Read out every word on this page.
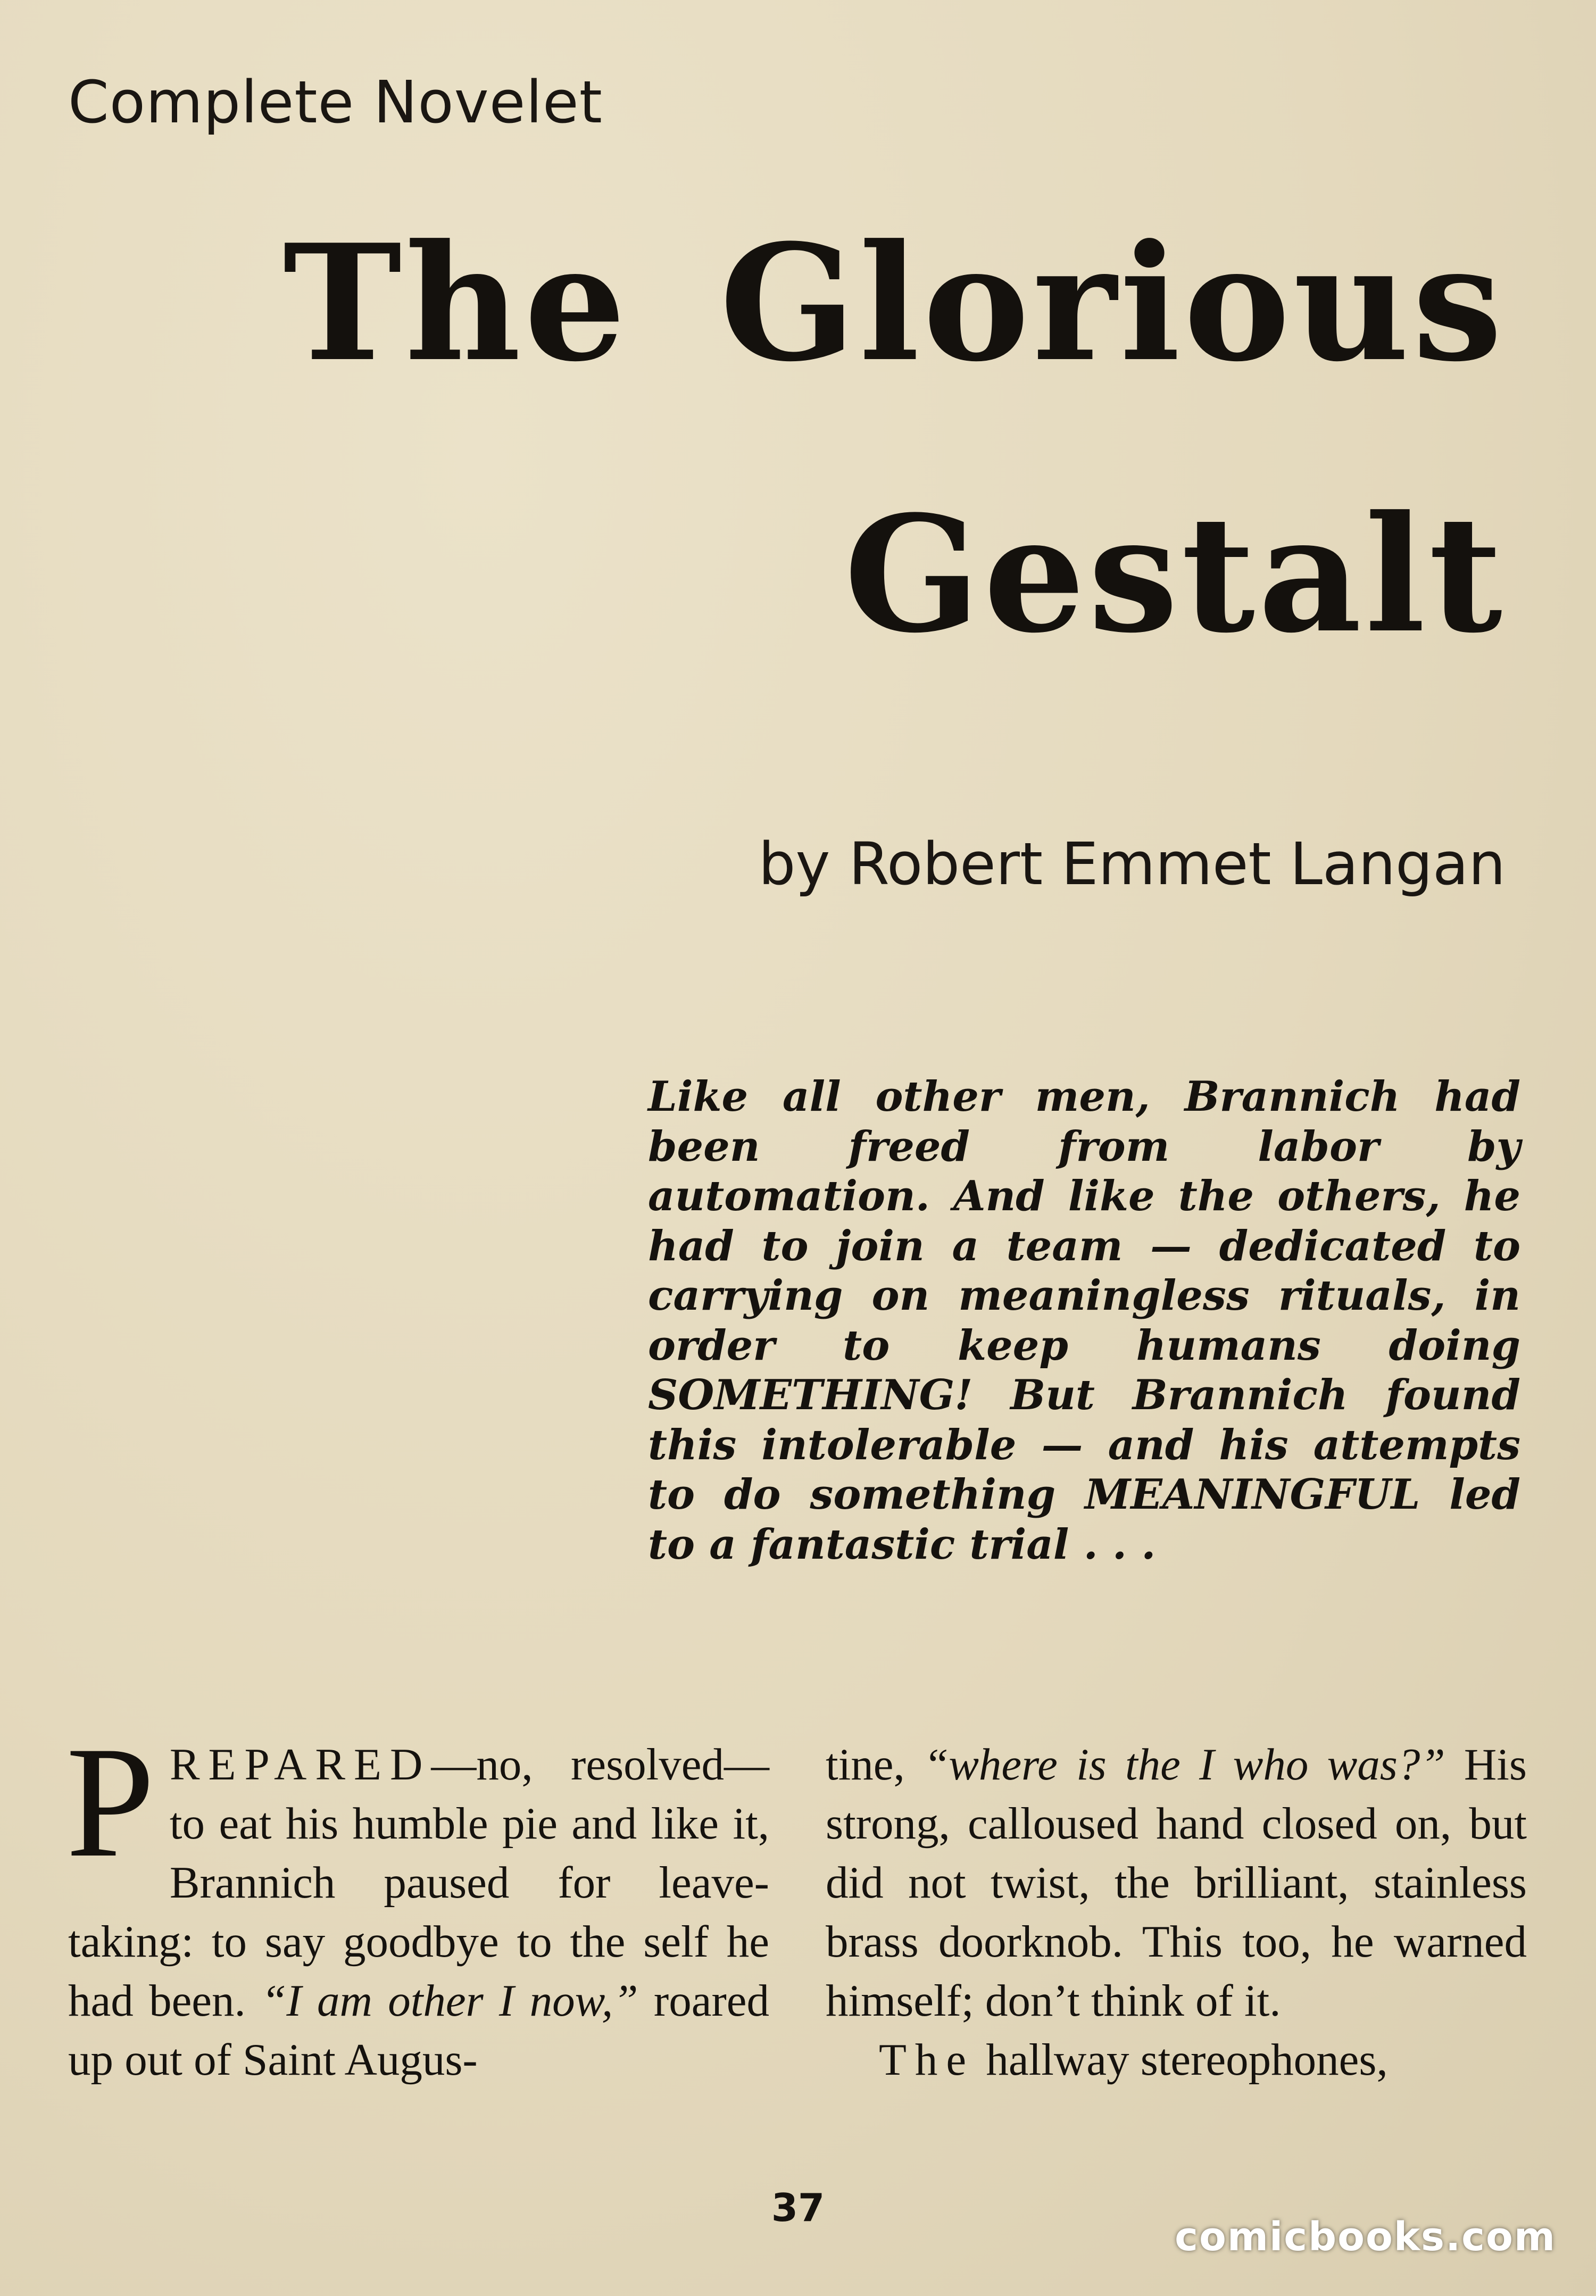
Complete Novelet
The Glorious
Gestalt
by Robert Emmet Langan
Like all other men, Brannich had been freed from labor by automation. And like the others, he had to join a team — dedicated to carrying on meaningless rituals, in order to keep humans doing SOMETHING! But Brannich found this intolerable — and his attempts to do something MEANINGFUL led to a fantastic trial . . .
PREPARED—no, resolved—to eat his humble pie and like it, Brannich paused for leave-taking: to say goodbye to the self he had been. “I am other I now,” roared up out of Saint Augus-
tine, “where is the I who was?” His strong, calloused hand closed on, but did not twist, the brilliant, stainless brass doorknob. This too, he warned himself; don’t think of it.
The hallway stereophones,
37
comicbooks.com
